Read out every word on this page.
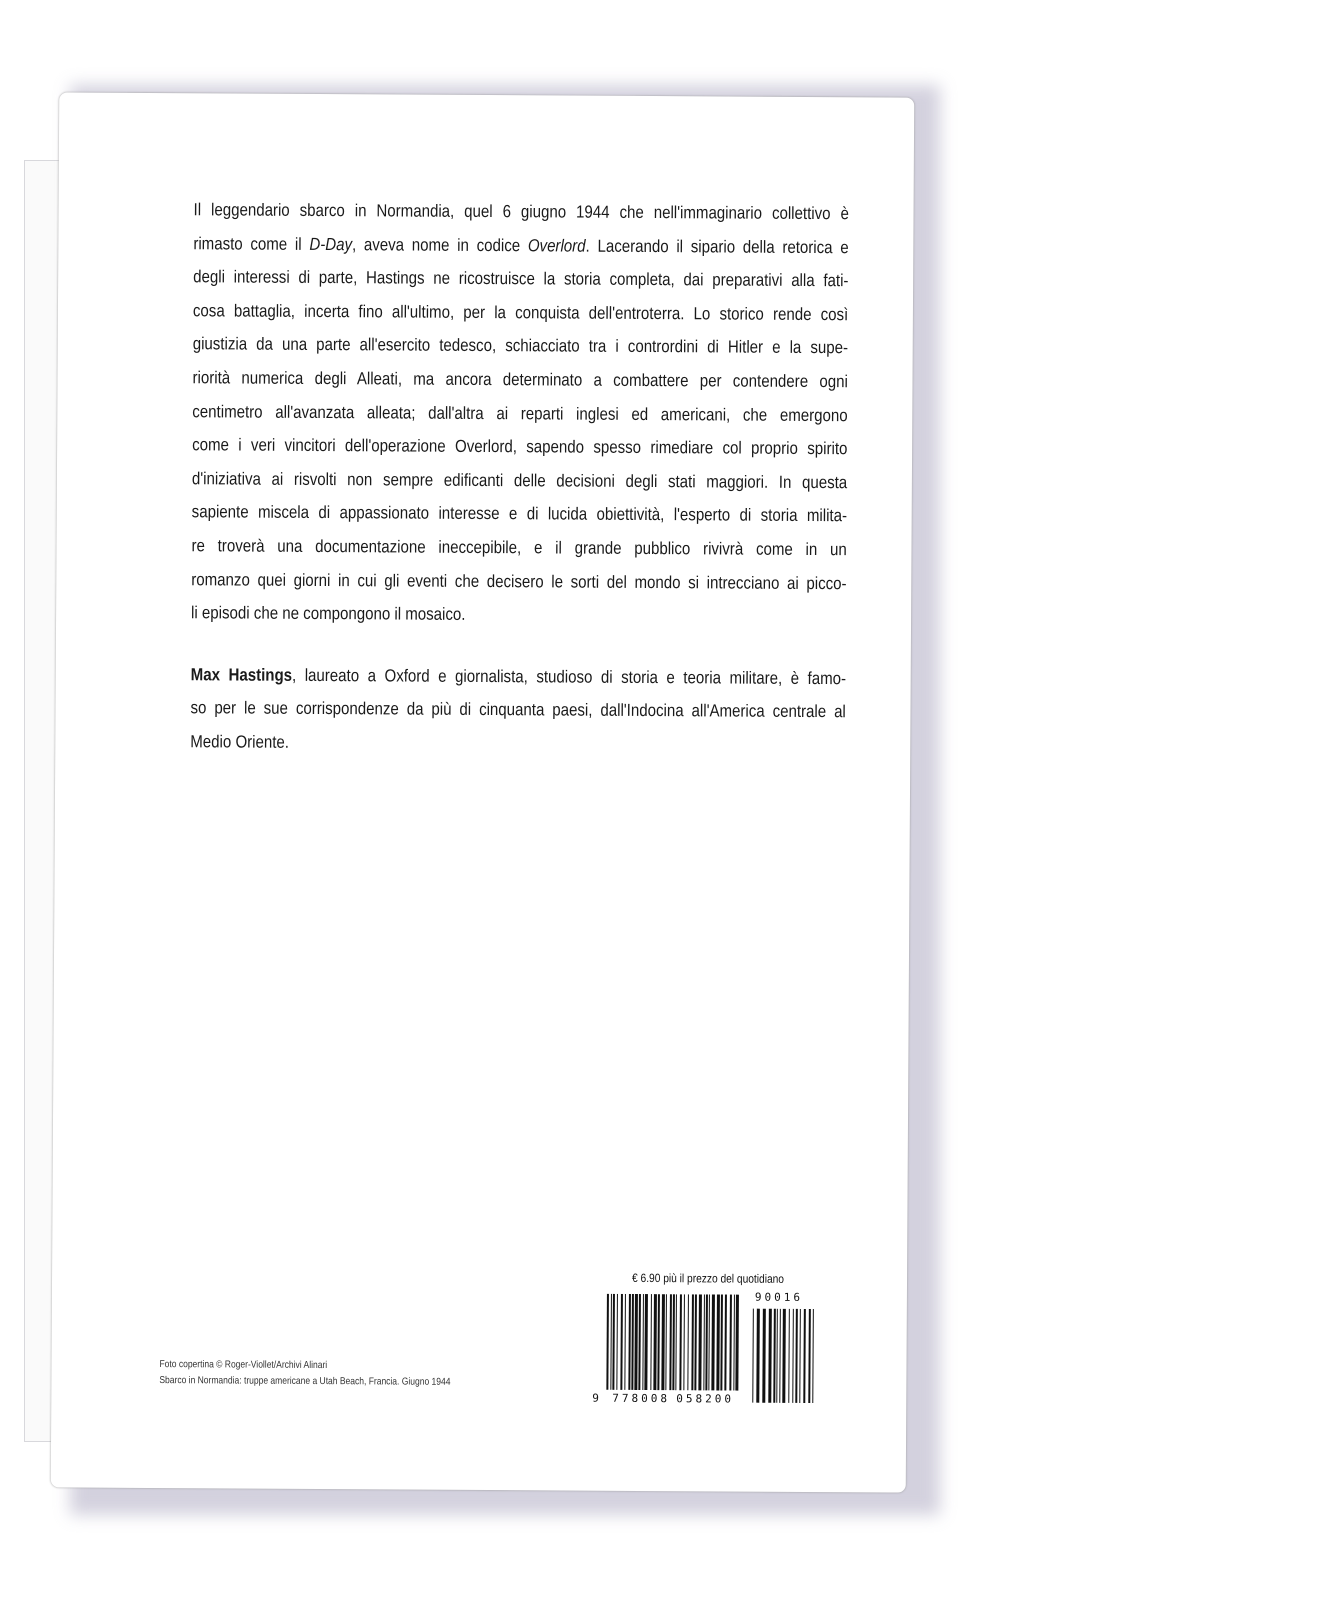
Il leggendario sbarco in Normandia, quel 6 giugno 1944 che nell'immaginario collettivo è
rimasto come il D-Day, aveva nome in codice Overlord. Lacerando il sipario della retorica e
degli interessi di parte, Hastings ne ricostruisce la storia completa, dai preparativi alla fati-
cosa battaglia, incerta fino all'ultimo, per la conquista dell'entroterra. Lo storico rende così
giustizia da una parte all'esercito tedesco, schiacciato tra i contrordini di Hitler e la supe-
riorità numerica degli Alleati, ma ancora determinato a combattere per contendere ogni
centimetro all'avanzata alleata; dall'altra ai reparti inglesi ed americani, che emergono
come i veri vincitori dell'operazione Overlord, sapendo spesso rimediare col proprio spirito
d'iniziativa ai risvolti non sempre edificanti delle decisioni degli stati maggiori. In questa
sapiente miscela di appassionato interesse e di lucida obiettività, l'esperto di storia milita-
re troverà una documentazione ineccepibile, e il grande pubblico rivivrà come in un
romanzo quei giorni in cui gli eventi che decisero le sorti del mondo si intrecciano ai picco-
li episodi che ne compongono il mosaico.
Max Hastings, laureato a Oxford e giornalista, studioso di storia e teoria militare, è famo-
so per le sue corrispondenze da più di cinquanta paesi, dall'Indocina all'America centrale al
Medio Oriente.
Foto copertina © Roger-Viollet/Archivi Alinari
Sbarco in Normandia: truppe americane a Utah Beach, Francia. Giugno 1944
€ 6.90 più il prezzo del quotidiano
9 778008 058200
90016
